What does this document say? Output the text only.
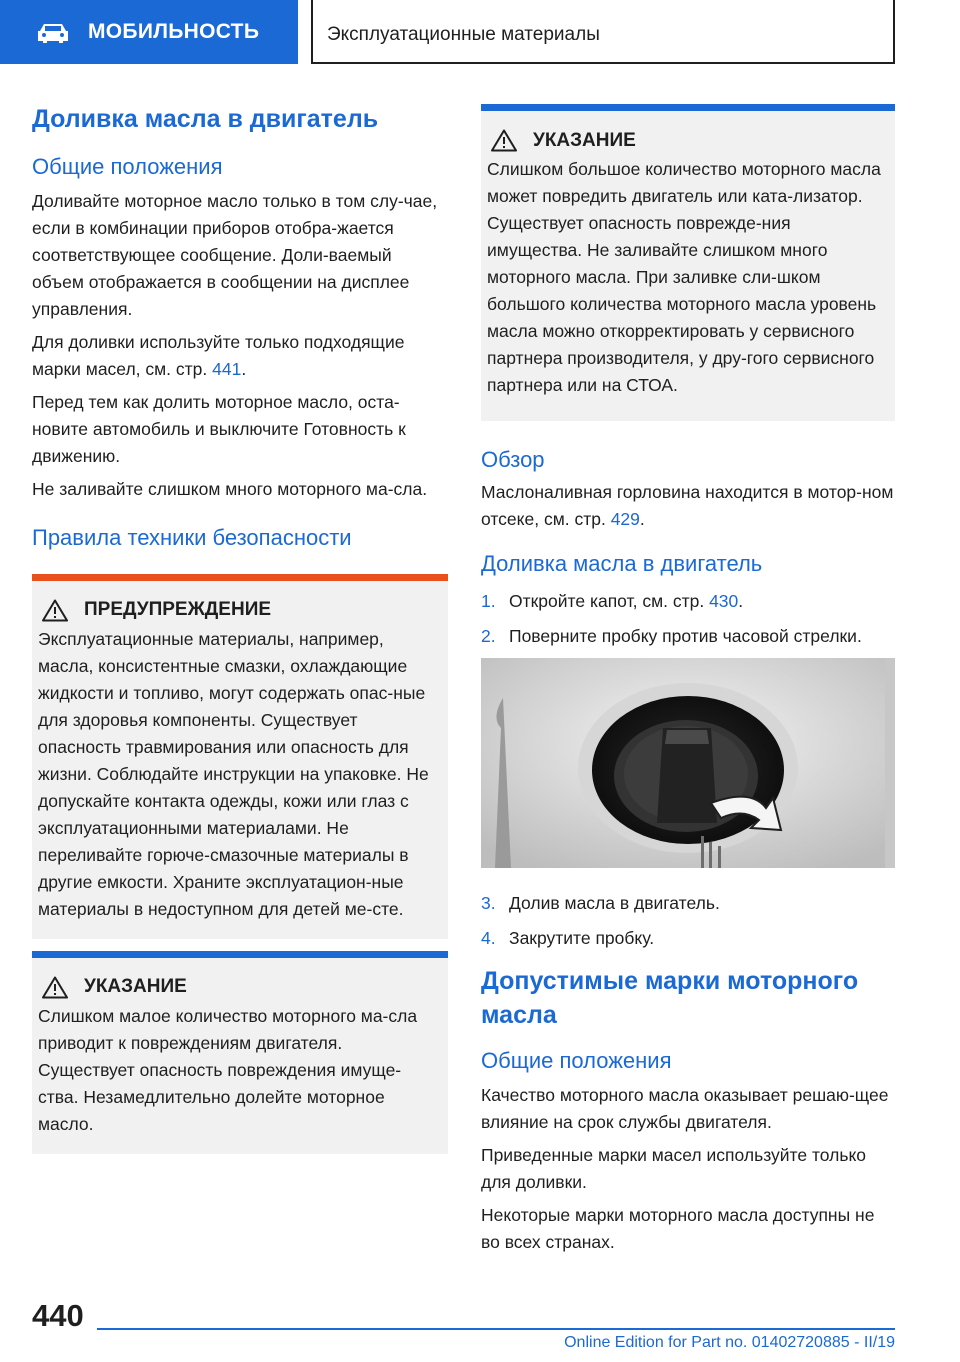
МОБИЛЬНОСТЬ	Эксплуатационные материалы
Доливка масла в двигатель
Общие положения

Доливайте моторное масло только в том слу-чае, если в комбинации приборов отобра-жается соответствующее сообщение. Доли-ваемый объем отображается в сообщении на дисплее управления.

Для доливки используйте только подходящие марки масел, см. стр. 441.

Перед тем как долить моторное масло, оста-новите автомобиль и выключите Готовность к движению.

Не заливайте слишком много моторного ма-сла.

Правила техники безопасности
ПРЕДУПРЕЖДЕНИЕ

Эксплуатационные материалы, например, масла, консистентные смазки, охлаждающие жидкости и топливо, могут содержать опас-ные для здоровья компоненты. Существует опасность травмирования или опасность для жизни. Соблюдайте инструкции на упаковке. Не допускайте контакта одежды, кожи или глаз с эксплуатационными материалами. Не переливайте горюче-смазочные материалы в другие емкости. Храните эксплуатацион-ные материалы в недоступном для детей ме-сте.

УКАЗАНИЕ

Слишком малое количество моторного ма-сла приводит к повреждениям двигателя. Существует опасность повреждения имуще-ства. Незамедлительно долейте моторное масло.

УКАЗАНИЕ

Слишком большое количество моторного масла может повредить двигатель или ката-лизатор. Существует опасность поврежде-ния имущества. Не заливайте слишком много моторного масла. При заливке сли-шком большого количества моторного масла уровень масла можно откорректировать у сервисного партнера производителя, у дру-гого сервисного партнера или на СТОА.

Обзор

Маслоналивная горловина находится в мотор-ном отсеке, см. стр. 429.

Доливка масла в двигатель
1. Откройте капот, см. стр. 430.
2. Поверните пробку против часовой стрелки.
3. Долив масла в двигатель.
4. Закрутите пробку.
Допустимые марки моторного масла
Общие положения

Качество моторного масла оказывает решаю-щее влияние на срок службы двигателя.

Приведенные марки масел используйте только для доливки.

Некоторые марки моторного масла доступны не во всех странах.

440
Online Edition for Part no. 01402720885 - II/19
